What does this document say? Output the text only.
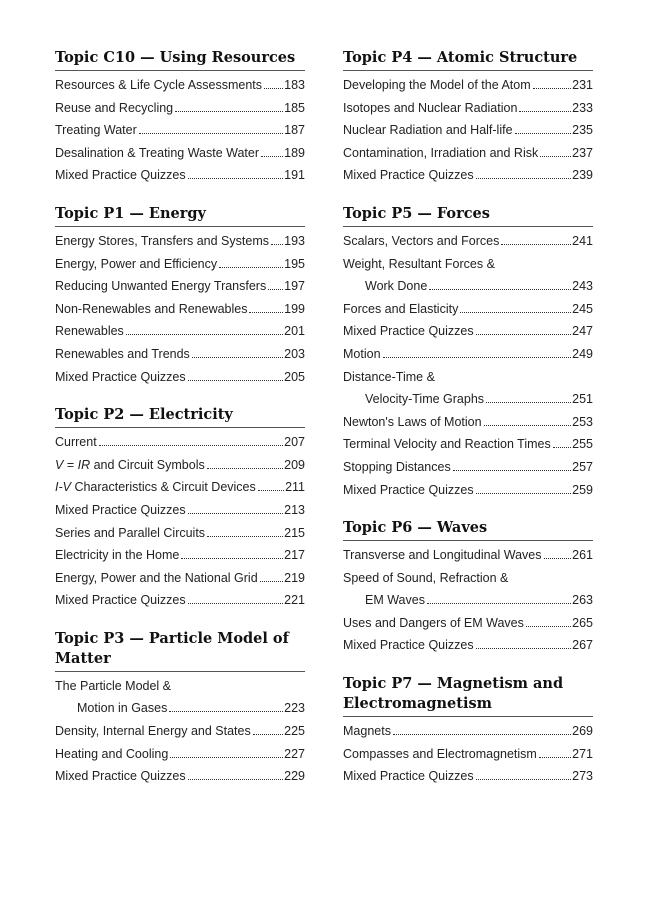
Topic C10 — Using Resources
Resources & Life Cycle Assessments 183
Reuse and Recycling	185
Treating Water	187
Desalination & Treating Waste Water 189
Mixed Practice Quizzes	191
Topic P1 — Energy
Energy Stores, Transfers and Systems 193
Energy, Power and Efficiency	195
Reducing Unwanted Energy Transfers 197
Non-Renewables and Renewables	199
Renewables	201
Renewables and Trends	203
Mixed Practice Quizzes	205
Topic P2 — Electricity
Current	207
V = IR and Circuit Symbols	209
I-V Characteristics & Circuit Devices 211
Mixed Practice Quizzes	213
Series and Parallel Circuits	215
Electricity in the Home	217
Energy, Power and the National Grid 219
Mixed Practice Quizzes	221
Topic P3 — Particle Model of Matter
The Particle Model &
Motion in Gases	223
Density, Internal Energy and States	225
Heating and Cooling	227
Mixed Practice Quizzes	229
Topic P4 — Atomic Structure
Developing the Model of the Atom	231
Isotopes and Nuclear Radiation	233
Nuclear Radiation and Half-life	235
Contamination, Irradiation and Risk	237
Mixed Practice Quizzes	239
Topic P5 — Forces
Scalars, Vectors and Forces	241
Weight, Resultant Forces &
Work Done	243
Forces and Elasticity	245
Mixed Practice Quizzes	247
Motion	249
Distance-Time &
Velocity-Time Graphs	251
Newton's Laws of Motion	253
Terminal Velocity and Reaction Times 255
Stopping Distances	257
Mixed Practice Quizzes	259
Topic P6 — Waves
Transverse and Longitudinal Waves 261
Speed of Sound, Refraction &
EM Waves	263
Uses and Dangers of EM Waves	265
Mixed Practice Quizzes	267
Topic P7 — Magnetism and Electromagnetism
Magnets	269
Compasses and Electromagnetism	271
Mixed Practice Quizzes	273
